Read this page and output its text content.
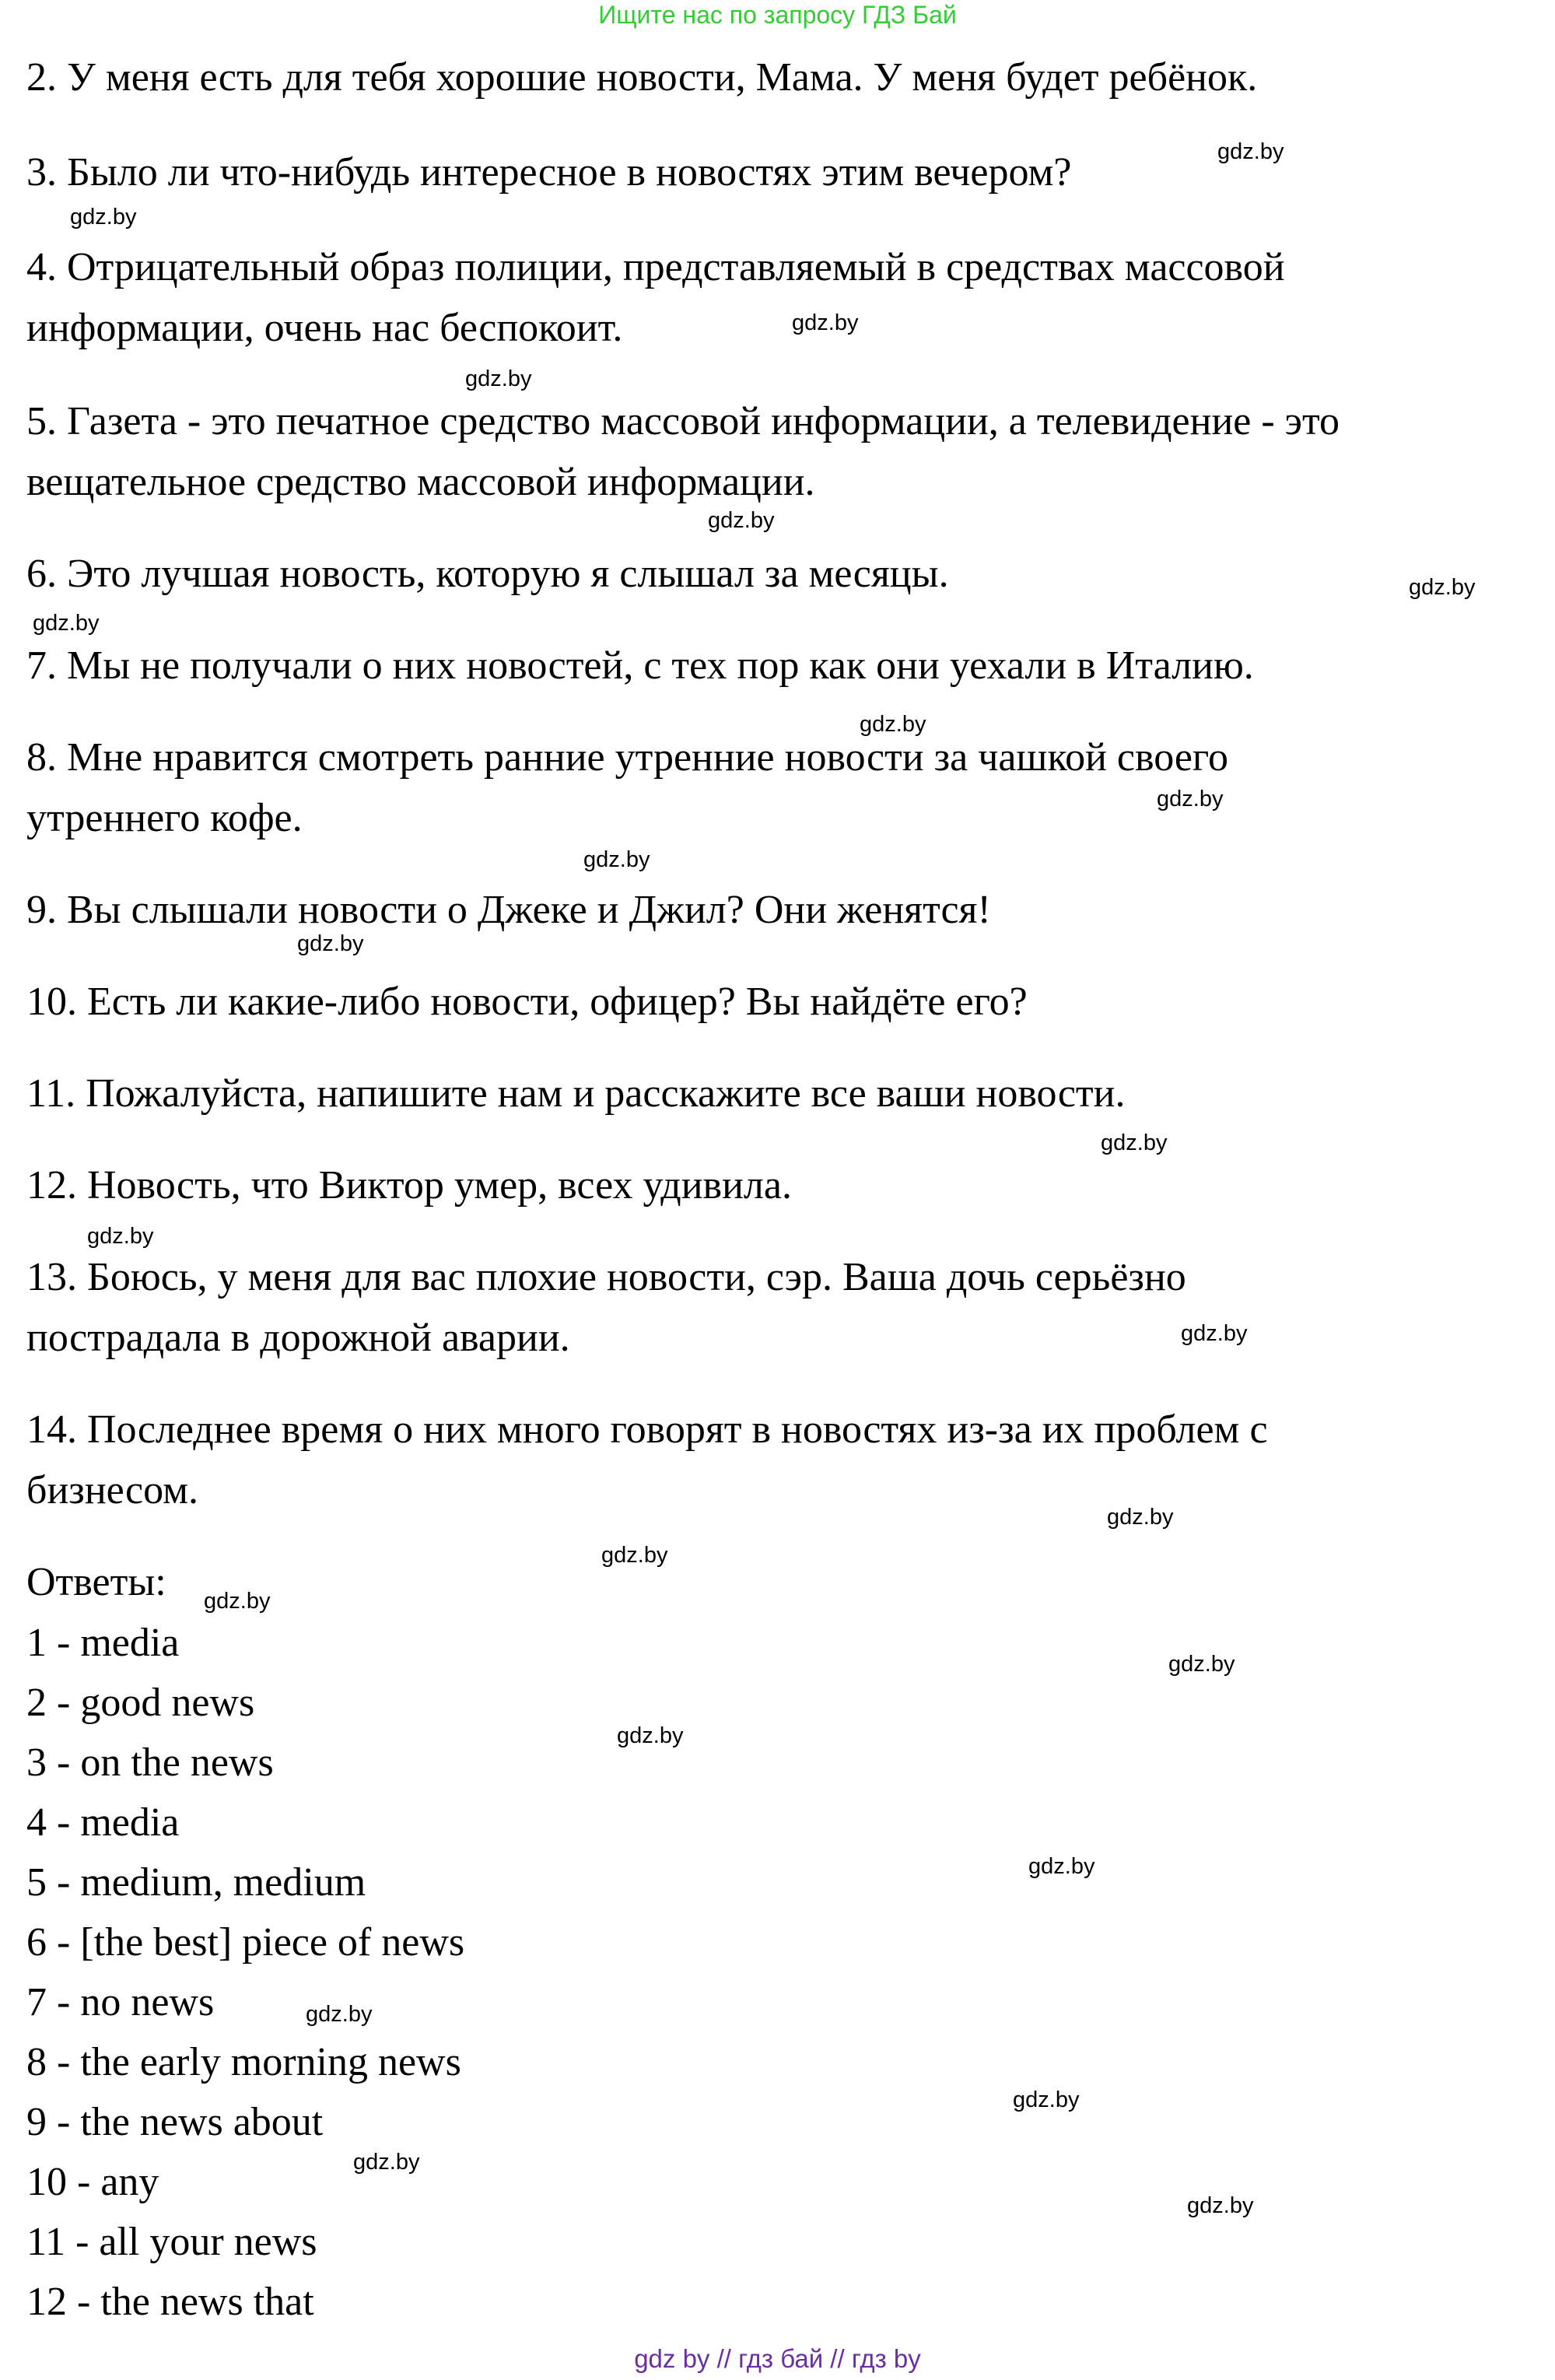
Ищите нас по запросу ГДЗ Бай
2. У меня есть для тебя хорошие новости, Мама. У меня будет ребёнок.
3. Было ли что-нибудь интересное в новостях этим вечером?
4. Отрицательный образ полиции, представляемый в средствах массовой
информации, очень нас беспокоит.
5. Газета - это печатное средство массовой информации, а телевидение - это
вещательное средство массовой информации.
6. Это лучшая новость, которую я слышал за месяцы.
7. Мы не получали о них новостей, с тех пор как они уехали в Италию.
8. Мне нравится смотреть ранние утренние новости за чашкой своего
утреннего кофе.
9. Вы слышали новости о Джеке и Джил? Они женятся!
10. Есть ли какие-либо новости, офицер? Вы найдёте его?
11. Пожалуйста, напишите нам и расскажите все ваши новости.
12. Новость, что Виктор умер, всех удивила.
13. Боюсь, у меня для вас плохие новости, сэр. Ваша дочь серьёзно
пострадала в дорожной аварии.
14. Последнее время о них много говорят в новостях из-за их проблем с
бизнесом.
Ответы:
1 - media
2 - good news
3 - on the news
4 - media
5 - medium, medium
6 - [the best] piece of news
7 - no news
8 - the early morning news
9 - the news about
10 - any
11 - all your news
12 - the news that
gdz.by
gdz.by
gdz.by
gdz.by
gdz.by
gdz.by
gdz.by
gdz.by
gdz.by
gdz.by
gdz.by
gdz.by
gdz.by
gdz.by
gdz.by
gdz.by
gdz.by
gdz.by
gdz.by
gdz.by
gdz.by
gdz.by
gdz.by
gdz.by
gdz by // гдз бай // гдз by
